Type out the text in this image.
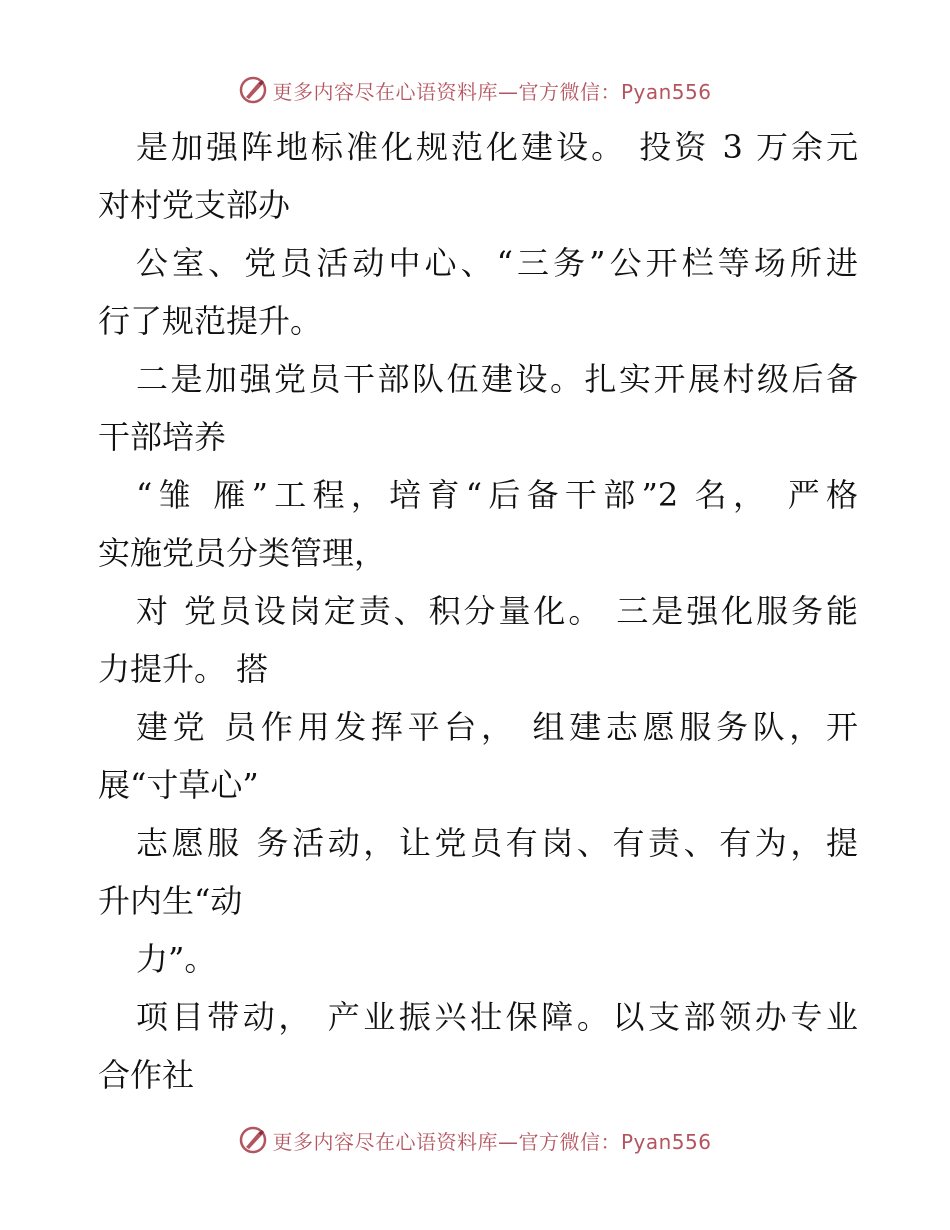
更多内容尽在心语资料库—官方微信：Pyan556
是加强阵地标准化规范化建设。 投资 3 万余元
对村党支部办
公室、党员活动中心、“三务”公开栏等场所进
行了规范提升。
二是加强党员干部队伍建设。扎实开展村级后备
干部培养
“雏 雁”工程，培育“后备干部”2 名， 严格
实施党员分类管理，
对 党员设岗定责、积分量化。 三是强化服务能
力提升。 搭
建党 员作用发挥平台， 组建志愿服务队，开
展“寸草心”
志愿服 务活动，让党员有岗、有责、有为，提
升内生“动
力”。
项目带动， 产业振兴壮保障。以支部领办专业
合作社
更多内容尽在心语资料库—官方微信：Pyan556
